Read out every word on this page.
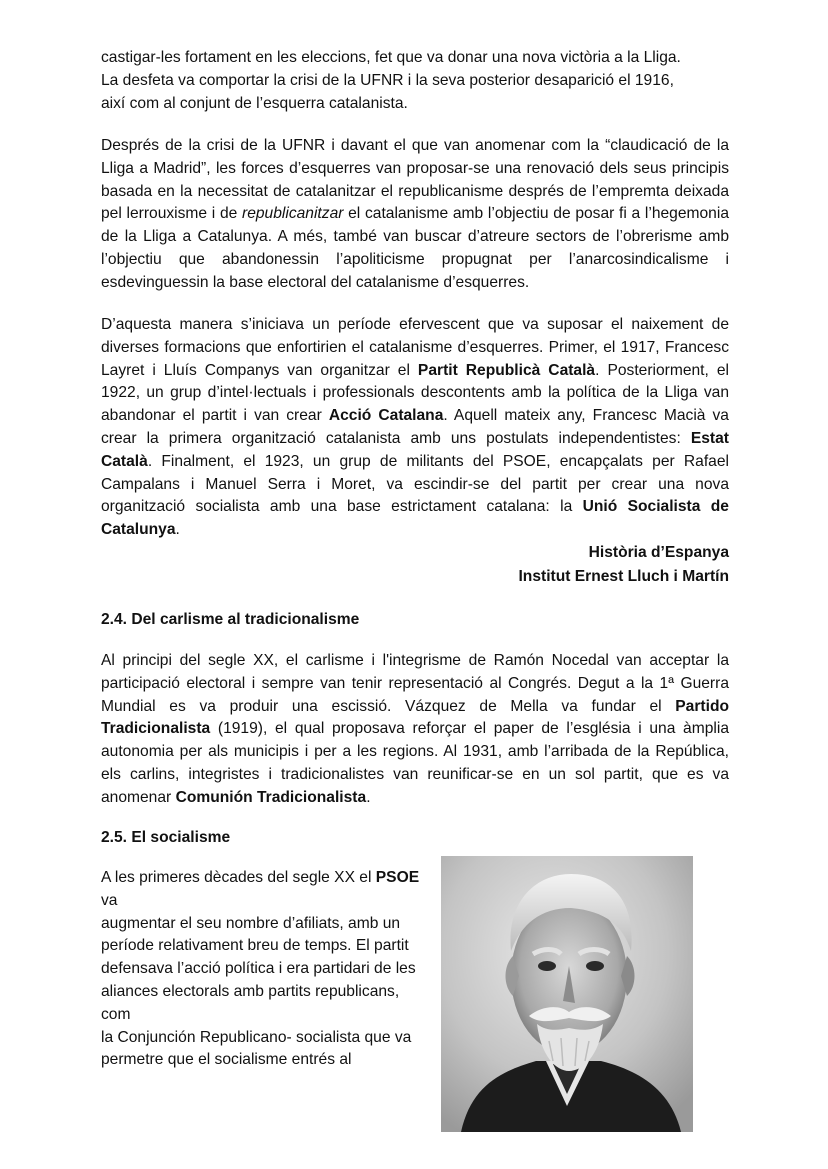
castigar-les fortament en les eleccions, fet que va donar una nova victòria a la Lliga.
La desfeta va comportar la crisi de la UFNR i la seva posterior desaparició el 1916,
així com al conjunt de l’esquerra catalanista.

Després de la crisi de la UFNR i davant el que van anomenar com la “claudicació de la Lliga a Madrid”, les forces d’esquerres van proposar-se una renovació dels seus principis basada en la necessitat de catalanitzar el republicanisme després de l’empremta deixada pel lerrouxisme i de republicanitzar el catalanisme amb l’objectiu de posar fi a l’hegemonia de la Lliga a Catalunya. A més, també van buscar d’atreure sectors de l’obrerisme amb l’objectiu que abandonessin l’apoliticisme propugnat per l’anarcosindicalisme i esdevinguessin la base electoral del catalanisme d’esquerres.

D’aquesta manera s’iniciava un període efervescent que va suposar el naixement de diverses formacions que enfortirien el catalanisme d’esquerres. Primer, el 1917, Francesc Layret i Lluís Companys van organitzar el Partit Republicà Català. Posteriorment, el 1922, un grup d’intel·lectuals i professionals descontents amb la política de la Lliga van abandonar el partit i van crear Acció Catalana. Aquell mateix any, Francesc Macià va crear la primera organització catalanista amb uns postulats independentistes: Estat Català. Finalment, el 1923, un grup de militants del PSOE, encapçalats per Rafael Campalans i Manuel Serra i Moret, va escindir-se del partit per crear una nova organització socialista amb una base estrictament catalana: la Unió Socialista de Catalunya.

Història d’Espanya
Institut Ernest Lluch i Martín
2.4. Del carlisme al tradicionalisme

Al principi del segle XX, el carlisme i l'integrisme de Ramón Nocedal van acceptar la participació electoral i sempre van tenir representació al Congrés. Degut a la 1ª Guerra Mundial es va produir una escissió. Vázquez de Mella va fundar el Partido Tradicionalista (1919), el qual proposava reforçar el paper de l’església i una àmplia autonomia per als municipis i per a les regions. Al 1931, amb l’arribada de la República, els carlins, integristes i tradicionalistes van reunificar-se en un sol partit, que es va anomenar Comunión Tradicionalista.

2.5. El socialisme
A les primeres dècades del segle XX el PSOE
va
augmentar el seu nombre d’afiliats, amb un
període relativament breu de temps. El partit
defensava l’acció política i era partidari de les
aliances electorals amb partits republicans,
com
la Conjunción Republicano- socialista que va
permetre que el socialisme entrés al
